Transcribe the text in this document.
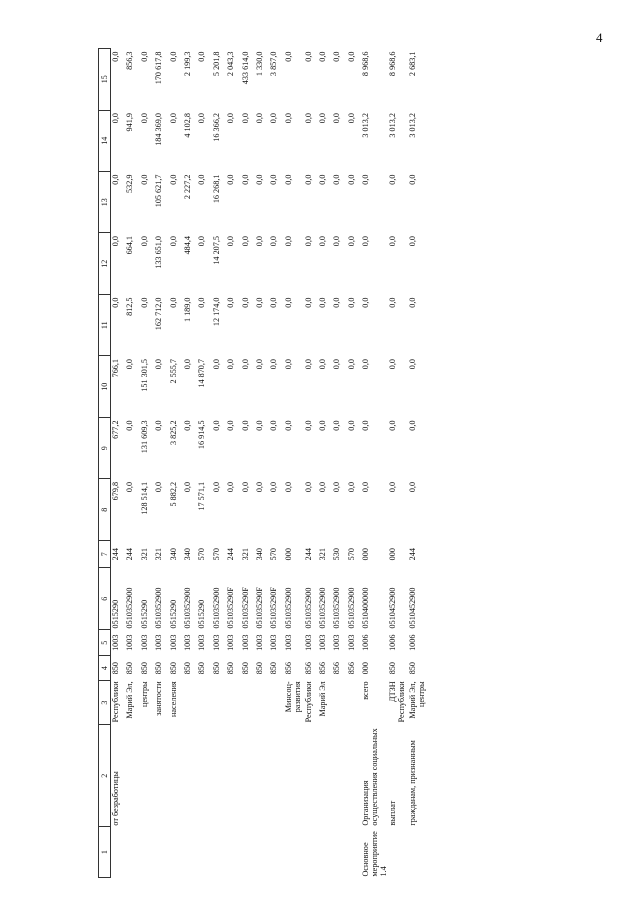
4
1	2	3	4	5	6	7	8	9	10	11	12	13	14	15
	от безработицы	Республики	850	1003	0515290	244	679,8	677,2	766,1	0,0	0,0	0,0	0,0	0,0
		Марий Эл,	850	1003	0510352900	244	0,0	0,0	0,0	812,5	664,1	532,9	941,9	856,3
		центры	850	1003	0515290	321	128 514,1	131 609,3	151 301,5	0,0	0,0	0,0	0,0	0,0
		занятости	850	1003	0510352900	321	0,0	0,0	0,0	162 712,0	133 651,0	105 621,7	184 369,0	170 617,8
		населения	850	1003	0515290	340	5 882,2	3 825,2	2 555,7	0,0	0,0	0,0	0,0	0,0
			850	1003	0510352900	340	0,0	0,0	0,0	1 189,0	484,4	2 227,2	4 102,8	2 199,3
			850	1003	0515290	570	17 571,1	16 914,5	14 870,7	0,0	0,0	0,0	0,0	0,0
			850	1003	0510352900	570	0,0	0,0	0,0	12 174,0	14 207,5	16 268,1	16 366,2	5 201,8
			850	1003	051035290F	244	0,0	0,0	0,0	0,0	0,0	0,0	0,0	2 043,3
			850	1003	051035290F	321	0,0	0,0	0,0	0,0	0,0	0,0	0,0	433 614,0
			850	1003	051035290F	340	0,0	0,0	0,0	0,0	0,0	0,0	0,0	1 330,0
			850	1003	051035290F	570	0,0	0,0	0,0	0,0	0,0	0,0	0,0	3 857,0
		Минсоц-развития	856	1003	0510352900	000	0,0	0,0	0,0	0,0	0,0	0,0	0,0	0,0
		Республики	856	1003	0510352900	244	0,0	0,0	0,0	0,0	0,0	0,0	0,0	0,0
		Марий Эл	856	1003	0510352900	321	0,0	0,0	0,0	0,0	0,0	0,0	0,0	0,0
			856	1003	0510352900	530	0,0	0,0	0,0	0,0	0,0	0,0	0,0	0,0
			856	1003	0510352900	570	0,0	0,0	0,0	0,0	0,0	0,0	0,0	0,0
Основное мероприятие 1.4	Организация осуществления социальных	всего	000	1006	0510400000	000	0,0	0,0	0,0	0,0	0,0	0,0	3 013,2	8 968,6
	выплат	ДТЗН Республики	850	1006	0510452900	000	0,0	0,0	0,0	0,0	0,0	0,0	3 013,2	8 968,6
	гражданам, признанным	Марий Эл, центры	850	1006	0510452900	244	0,0	0,0	0,0	0,0	0,0	0,0	3 013,2	2 683,1
